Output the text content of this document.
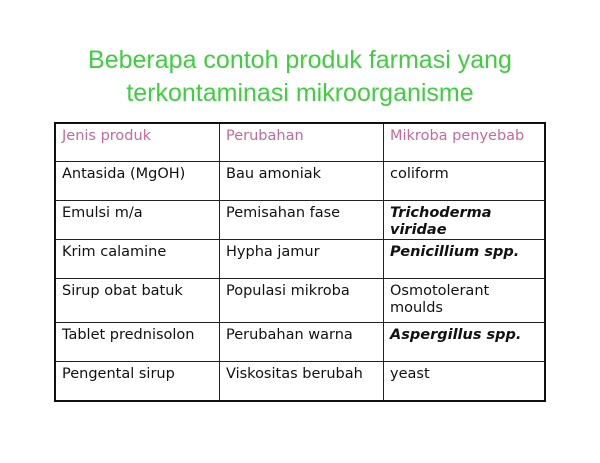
Beberapa contoh produk farmasi yang
terkontaminasi mikroorganisme
Jenis produk	Perubahan	Mikroba penyebab
Antasida (MgOH)	Bau amoniak	coliform
Emulsi m/a	Pemisahan fase	Trichoderma viridae
Krim calamine	Hypha jamur	Penicillium spp.
Sirup obat batuk	Populasi mikroba	Osmotolerant moulds
Tablet prednisolon	Perubahan warna	Aspergillus spp.
Pengental sirup	Viskositas berubah	yeast
